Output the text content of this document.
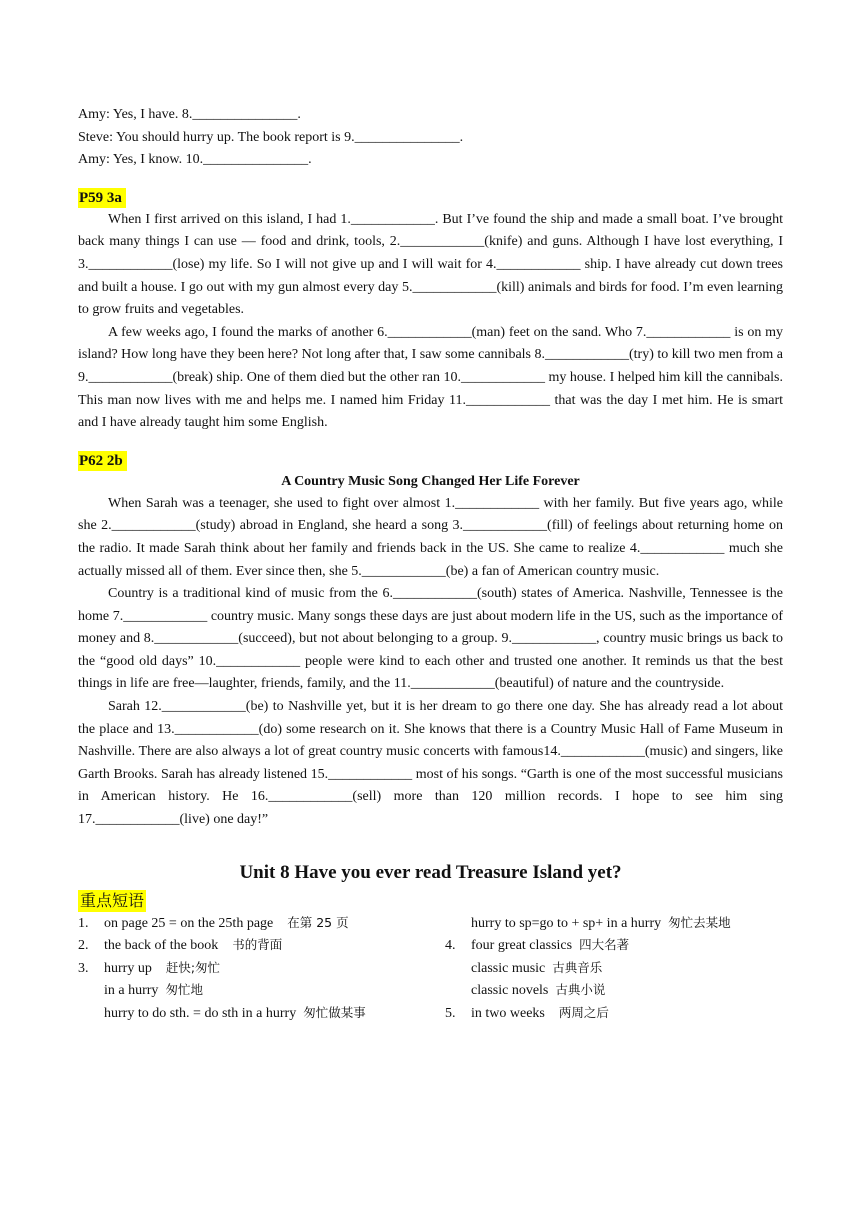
Amy: Yes, I have. 8._______________.

Steve: You should hurry up. The book report is 9._______________.

Amy: Yes, I know. 10._______________.

P59 3a

When I first arrived on this island, I had 1.____________. But I’ve found the ship and made a small boat. I’ve brought back many things I can use — food and drink, tools, 2.____________(knife) and guns. Although I have lost everything, I 3.____________(lose) my life. So I will not give up and I will wait for 4.____________ ship. I have already cut down trees and built a house. I go out with my gun almost every day 5.____________(kill) animals and birds for food. I’m even learning to grow fruits and vegetables.

A few weeks ago, I found the marks of another 6.____________(man) feet on the sand. Who 7.____________ is on my island? How long have they been here? Not long after that, I saw some cannibals 8.____________(try) to kill two men from a 9.____________(break) ship. One of them died but the other ran 10.____________ my house. I helped him kill the cannibals. This man now lives with me and helps me. I named him Friday 11.____________ that was the day I met him. He is smart and I have already taught him some English.

P62 2b

A Country Music Song Changed Her Life Forever

When Sarah was a teenager, she used to fight over almost 1.____________ with her family. But five years ago, while she 2.____________(study) abroad in England, she heard a song 3.____________(fill) of feelings about returning home on the radio. It made Sarah think about her family and friends back in the US. She came to realize 4.____________ much she actually missed all of them. Ever since then, she 5.____________(be) a fan of American country music.

Country is a traditional kind of music from the 6.____________(south) states of America. Nashville, Tennessee is the home 7.____________ country music. Many songs these days are just about modern life in the US, such as the importance of money and 8.____________(succeed), but not about belonging to a group. 9.____________, country music brings us back to the “good old days” 10.____________ people were kind to each other and trusted one another. It reminds us that the best things in life are free—laughter, friends, family, and the 11.____________(beautiful) of nature and the countryside.

Sarah 12.____________(be) to Nashville yet, but it is her dream to go there one day. She has already read a lot about the place and 13.____________(do) some research on it. She knows that there is a Country Music Hall of Fame Museum in Nashville. There are also always a lot of great country music concerts with famous14.____________(music) and singers, like Garth Brooks. Sarah has already listened 15.____________ most of his songs. “Garth is one of the most successful musicians in American history. He 16.____________(sell) more than 120 million records. I hope to see him sing 17.____________(live) one day!”

Unit 8 Have you ever read Treasure Island yet?

重点短语
1. on page 25 = on the 25th page 在第 25 页
2. the back of the book 书的背面
3. hurry up 赶快;匆忙
in a hurry 匆忙地
hurry to do sth. = do sth in a hurry 匆忙做某事
hurry to sp=go to + sp+ in a hurry 匆忙去某地
4. four great classics 四大名著
classic music 古典音乐
classic novels 古典小说
5. in two weeks 两周之后
